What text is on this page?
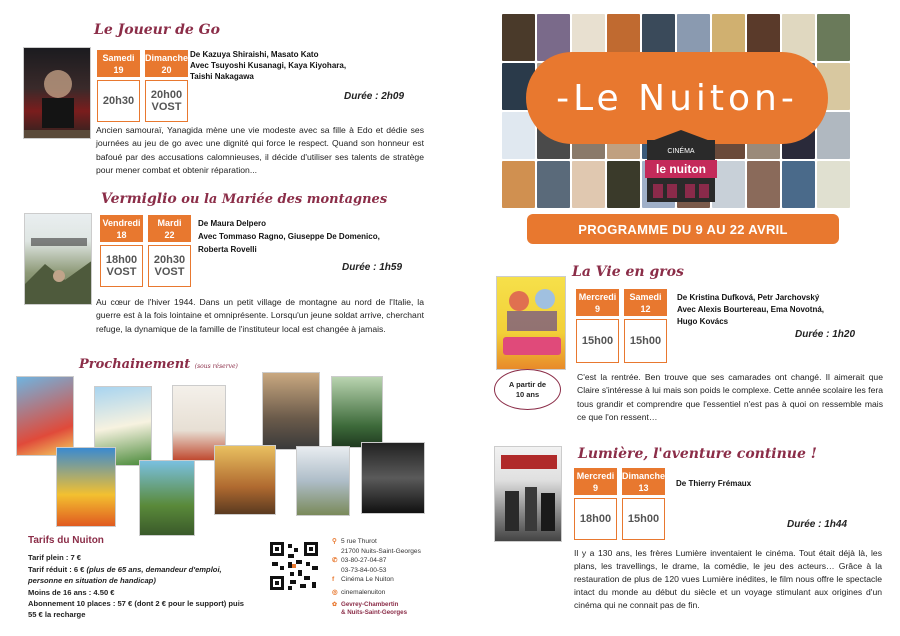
Le Joueur de Go
Samedi
19
20h30
Dimanche
20
20h00
VOST
De Kazuya Shiraishi, Masato Kato
Avec Tsuyoshi Kusanagi, Kaya Kiyohara,
Taishi Nakagawa
Durée : 2h09
Ancien samouraï, Yanagida mène une vie modeste avec sa fille à Edo et dédie ses journées au jeu de go avec une dignité qui force le respect. Quand son honneur est bafoué par des accusations calomnieuses, il décide d'utiliser ses talents de stratège pour mener combat et obtenir réparation...
Vermiglio ou la Mariée des montagnes
Vendredi
18
18h00
VOST
Mardi
22
20h30
VOST
De Maura Delpero
Avec Tommaso Ragno, Giuseppe De Domenico,
Roberta Rovelli
Durée : 1h59
Au cœur de l'hiver 1944. Dans un petit village de montagne au nord de l'Italie, la guerre est à la fois lointaine et omniprésente. Lorsqu'un jeune soldat arrive, cherchant refuge, la dynamique de la famille de l'instituteur local est changée à jamais.
Prochainement (sous réserve)
Tarifs du Nuiton
Tarif plein : 7 €
Tarif réduit : 6 € (plus de 65 ans, demandeur d'emploi, personne en situation de handicap)
Moins de 16 ans : 4.50 €
Abonnement 10 places : 57 € (dont 2 € pour le support) puis 55 € la recharge
⚲ 5 rue Thurot
21700 Nuits-Saint-Georges
✆ 03-80-27-04-87
03-73-84-00-53
f Cinéma Le Nuiton
◎ cinemalenuiton
✿ Gevrey-Chambertin
& Nuits-Saint-Georges
-Le Nuiton-
CINÉMA
le nuiton
PROGRAMME DU 9 AU 22 AVRIL
La Vie en gros
Mercredi
9
15h00
Samedi
12
15h00
De Kristina Dufková, Petr Jarchovský
Avec Alexis Bourtereau, Ema Novotná,
Hugo Kovács
Durée : 1h20
A partir de
10 ans
C'est la rentrée. Ben trouve que ses camarades ont changé. Il aimerait que Claire s'intéresse à lui mais son poids le complexe. Cette année scolaire les fera tous grandir et comprendre que l'essentiel n'est pas à quoi on ressemble mais ce que l'on ressent…
Lumière, l'aventure continue !
Mercredi
9
18h00
Dimanche
13
15h00
De Thierry Frémaux
Durée : 1h44
Il y a 130 ans, les frères Lumière inventaient le cinéma. Tout était déjà là, les plans, les travellings, le drame, la comédie, le jeu des acteurs… Grâce à la restauration de plus de 120 vues Lumière inédites, le film nous offre le spectacle intact du monde au début du siècle et un voyage stimulant aux origines d'un cinéma qui ne connait pas de fin.
